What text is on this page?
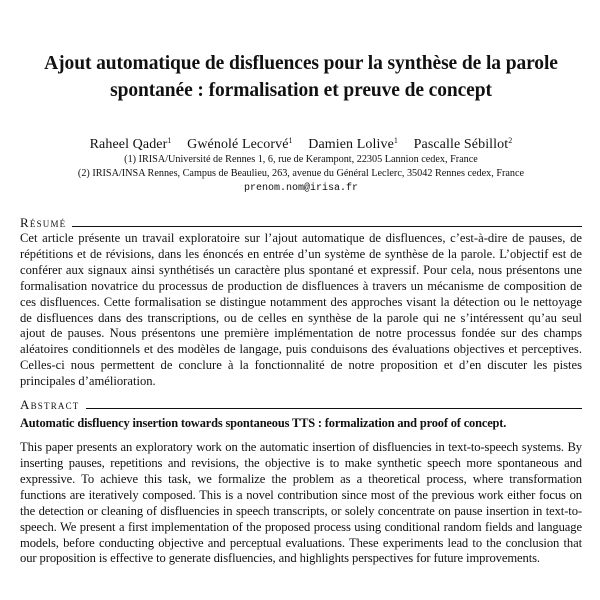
Ajout automatique de disfluences pour la synthèse de la parole spontanée : formalisation et preuve de concept
Raheel Qader$^1$ Gwénolé Lecorvé$^1$ Damien Lolive$^1$ Pascalle Sébillot$^2$
(1) IRISA/Université de Rennes 1, 6, rue de Kerampont, 22305 Lannion cedex, France
(2) IRISA/INSA Rennes, Campus de Beaulieu, 263, avenue du Général Leclerc, 35042 Rennes cedex, France
prenom.nom@irisa.fr
Résumé
Cet article présente un travail exploratoire sur l’ajout automatique de disfluences, c’est-à-dire de pauses, de répétitions et de révisions, dans les énoncés en entrée d’un système de synthèse de la parole. L’objectif est de conférer aux signaux ainsi synthétisés un caractère plus spontané et expressif. Pour cela, nous présentons une formalisation novatrice du processus de production de disfluences à travers un mécanisme de composition de ces disfluences. Cette formalisation se distingue notamment des approches visant la détection ou le nettoyage de disfluences dans des transcriptions, ou de celles en synthèse de la parole qui ne s’intéressent qu’au seul ajout de pauses. Nous présentons une première implémentation de notre processus fondée sur des champs aléatoires conditionnels et des modèles de langage, puis conduisons des évaluations objectives et perceptives. Celles-ci nous permettent de conclure à la fonctionnalité de notre proposition et d’en discuter les pistes principales d’amélioration.
Abstract
Automatic disfluency insertion towards spontaneous TTS : formalization and proof of concept.
This paper presents an exploratory work on the automatic insertion of disfluencies in text-to-speech systems. By inserting pauses, repetitions and revisions, the objective is to make synthetic speech more spontaneous and expressive. To achieve this task, we formalize the problem as a theoretical process, where transformation functions are iteratively composed. This is a novel contribution since most of the previous work either focus on the detection or cleaning of disfluencies in speech transcripts, or solely concentrate on pause insertion in text-to-speech. We present a first implementation of the proposed process using conditional random fields and language models, before conducting objective and perceptual evaluations. These experiments lead to the conclusion that our proposition is effective to generate disfluencies, and highlights perspectives for future improvements.
